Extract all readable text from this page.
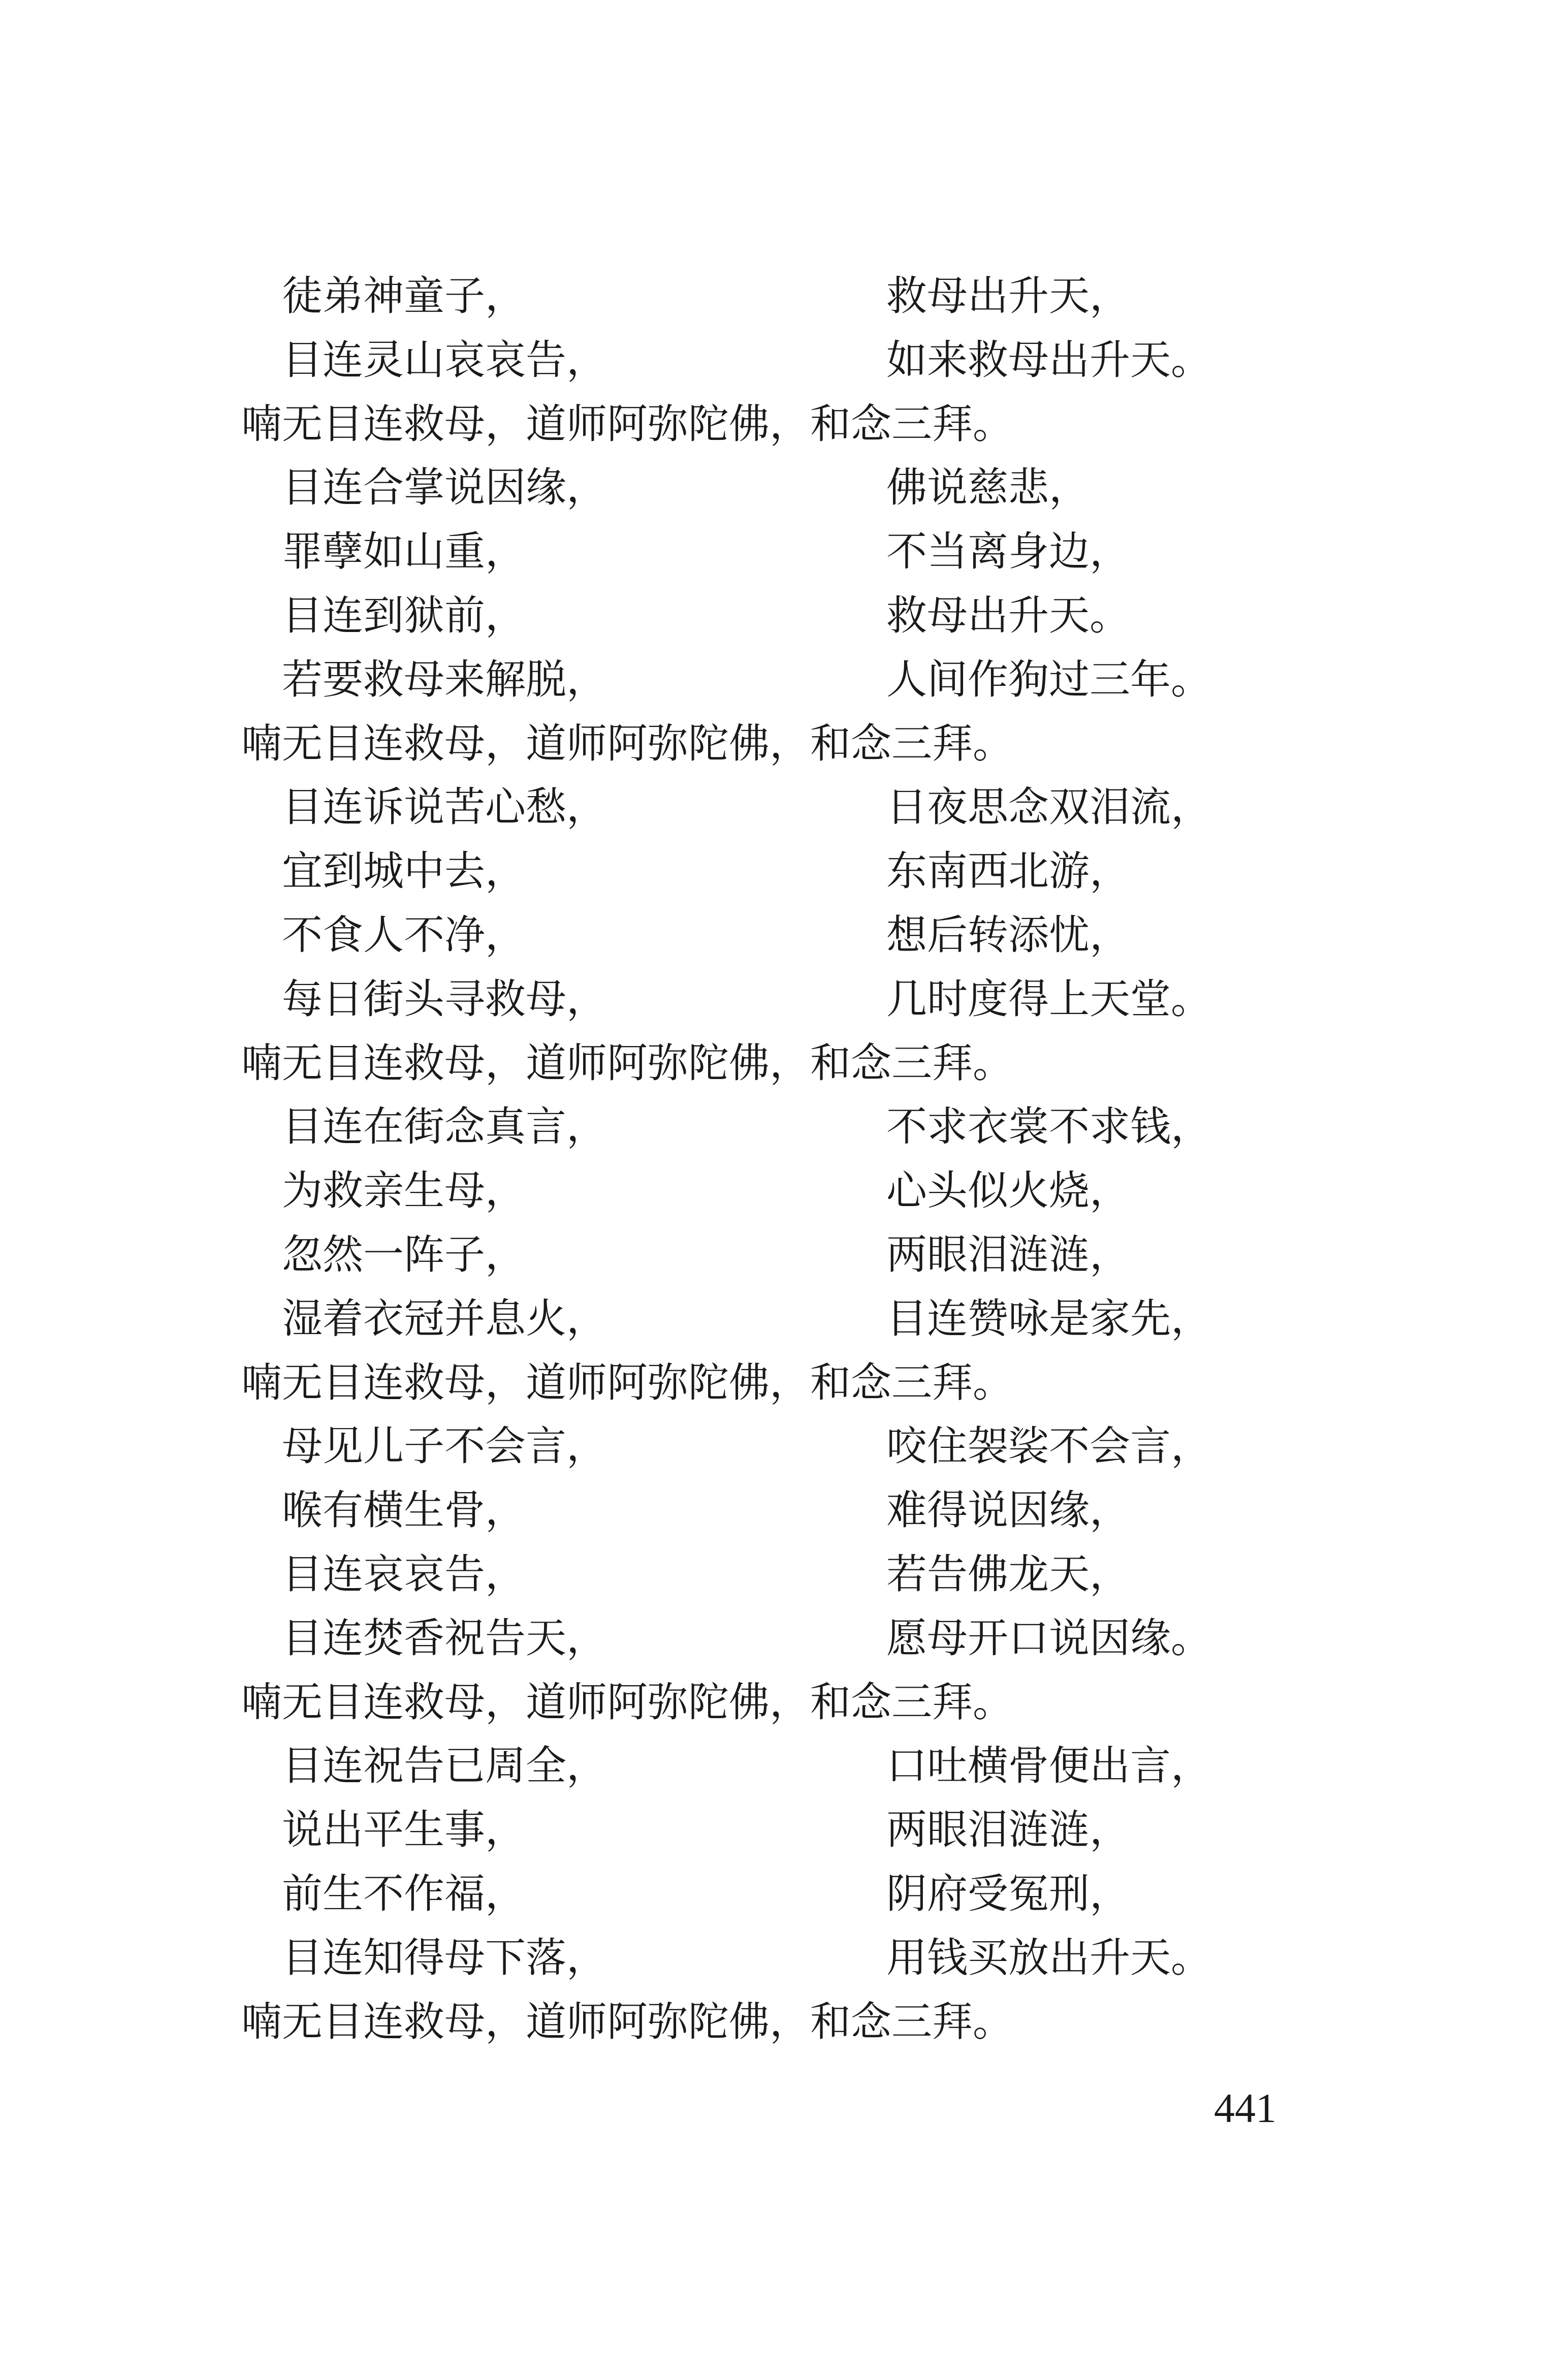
徒弟神童子，	救母出升天，
目连灵山哀哀告，	如来救母出升天。
喃无目连救母，道师阿弥陀佛，和念三拜。
目连合掌说因缘，	佛说慈悲，
罪孽如山重，	不当离身边，
目连到狱前，	救母出升天。
若要救母来解脱，	人间作狗过三年。
喃无目连救母，道师阿弥陀佛，和念三拜。
目连诉说苦心愁，	日夜思念双泪流，
宜到城中去，	东南西北游，
不食人不净，	想后转添忧，
每日街头寻救母，	几时度得上天堂。
喃无目连救母，道师阿弥陀佛，和念三拜。
目连在街念真言，	不求衣裳不求钱，
为救亲生母，	心头似火烧，
忽然一阵子，	两眼泪涟涟，
湿着衣冠并息火，	目连赞咏是家先，
喃无目连救母，道师阿弥陀佛，和念三拜。
母见儿子不会言，	咬住袈裟不会言，
喉有横生骨，	难得说因缘，
目连哀哀告，	若告佛龙天，
目连焚香祝告天，	愿母开口说因缘。
喃无目连救母，道师阿弥陀佛，和念三拜。
目连祝告已周全，	口吐横骨便出言，
说出平生事，	两眼泪涟涟，
前生不作福，	阴府受冤刑，
目连知得母下落，	用钱买放出升天。
喃无目连救母，道师阿弥陀佛，和念三拜。
441
